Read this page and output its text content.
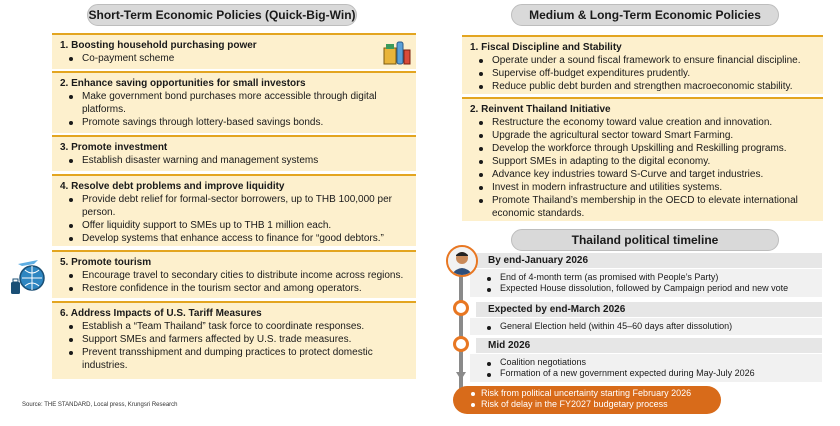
Short-Term Economic Policies (Quick-Big-Win)
1. Boosting household purchasing power
Co-payment scheme
2. Enhance saving opportunities for small investors
Make government bond purchases more accessible through digital platforms.
Promote savings through lottery-based savings bonds.
3. Promote investment
Establish disaster warning and management systems
4. Resolve debt problems and improve liquidity
Provide debt relief for formal-sector borrowers, up to THB 100,000 per person.
Offer liquidity support to SMEs up to THB 1 million each.
Develop systems that enhance access to finance for “good debtors.”
5. Promote tourism
Encourage travel to secondary cities to distribute income across regions.
Restore confidence in the tourism sector and among operators.
6. Address Impacts of U.S. Tariff Measures
Establish a “Team Thailand” task force to coordinate responses.
Support SMEs and farmers affected by U.S. trade measures.
Prevent transshipment and dumping practices to protect domestic industries.
Medium & Long-Term Economic Policies
1. Fiscal Discipline and Stability
Operate under a sound fiscal framework to ensure financial discipline.
Supervise off-budget expenditures prudently.
Reduce public debt burden and strengthen macroeconomic stability.
2. Reinvent Thailand Initiative
Restructure the economy toward value creation and innovation.
Upgrade the agricultural sector toward Smart Farming.
Develop the workforce through Upskilling and Reskilling programs.
Support SMEs in adapting to the digital economy.
Advance key industries toward S-Curve and target industries.
Invest in modern infrastructure and utilities systems.
Promote Thailand’s membership in the OECD to elevate international economic standards.
Thailand political timeline
By end-January 2026
End of 4-month term (as promised with People’s Party)
Expected House dissolution, followed by Campaign period and new vote
Expected by end-March 2026
General Election held (within 45–60 days after dissolution)
Mid 2026
Coalition negotiations
Formation of a new government expected during May-July 2026
Risk from political uncertainty starting February 2026
Risk of delay in the FY2027 budgetary process
Source: THE STANDARD, Local press, Krungsri Research
